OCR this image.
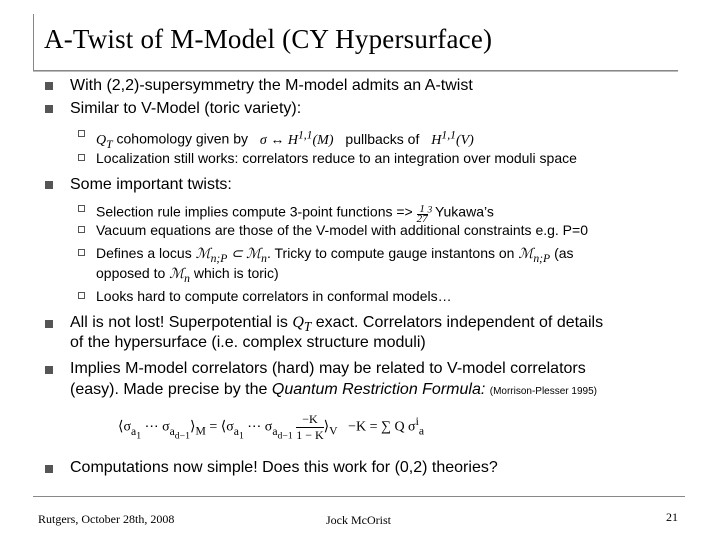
A-Twist of M-Model (CY Hypersurface)
With (2,2)-supersymmetry the M-model admits an A-twist
Similar to V-Model (toric variety):
$Q_T$ cohomology given by σ ↔ H$^{1,1}$(M) pullbacks of H$^{1,1}$(V)
Localization still works: correlators reduce to an integration over moduli space
Some important twists:
Selection rule implies compute 3-point functions => $\frac{1}{27} ^3$ Yukawa’s
Vacuum equations are those of the V-model with additional constraints e.g. P=0
Defines a locus ℳ$_{n;P}$ ⊂ ℳ$_n$. Tricky to compute gauge instantons on ℳ$_{n;P}$ (as
opposed to ℳ$_n$ which is toric)
Looks hard to compute correlators in conformal models…
All is not lost! Superpotential is $Q_T$ exact. Correlators independent of details
of the hypersurface (i.e. complex structure moduli)
Implies M-model correlators (hard) may be related to V-model correlators
(easy). Made precise by the Quantum Restriction Formula: (Morrison-Plesser 1995)
$⟨\sigma_{a_1}$ ⋯ $\sigma_{a_{d-1}}⟩_M$ = $⟨\sigma_{a_1}$ ⋯ $\sigma_{a_{d-1}} \frac{-K}{1 - K}$ $⟩_V -K$ = ∑ Q $\sigma^i_a$
Computations now simple! Does this work for (0,2) theories?
Rutgers, October 28th, 2008	Jock McOrist	21
